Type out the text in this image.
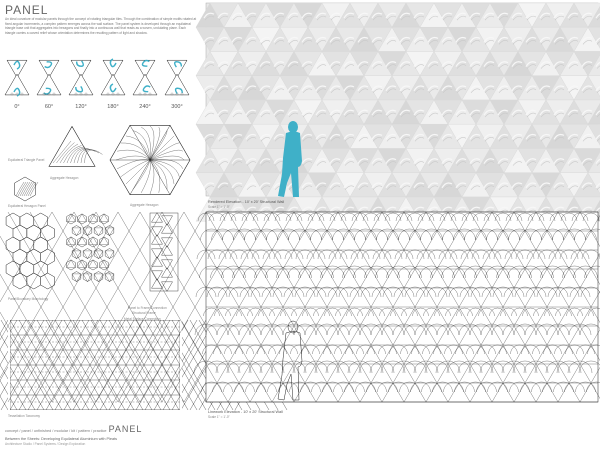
PANEL

An ideal curvature of modular panels through the concept of rotating triangular tiles. Through the combination of simple motifs rotated at fixed angular increments, a complex pattern emerges across the wall surface. The panel system is developed through an equilateral triangle base unit that aggregates into hexagons and finally into a continuous wall that reads as a woven, undulating plane. Each triangle carries a carved relief whose orientation determines the resulting pattern of light and shadow.

0°	60°	120°	180°	240°	300°
Equilateral Triangle Panel
Aggregate Hexagon
Equilateral Hexagon Panel	Aggregate Hexagon
Panel/Boundary Morphology
Panel to Frame Connection
Structural Frame
Metal Surface Connection
Tessellation Taxonomy
Rendered Elevation - 10' x 20' Structural Wall
Scale 1" = 1'-0"
Linework Elevation - 10' x 20' Structural Wall
Scale 1" = 1'-0"
concept / panel / unfinished / modular / kit / pattern / practice PANEL
Between the Sheets: Developing Equilateral Aluminium with Pleats
Architecture Studio / Panel Systems / Design Exploration
